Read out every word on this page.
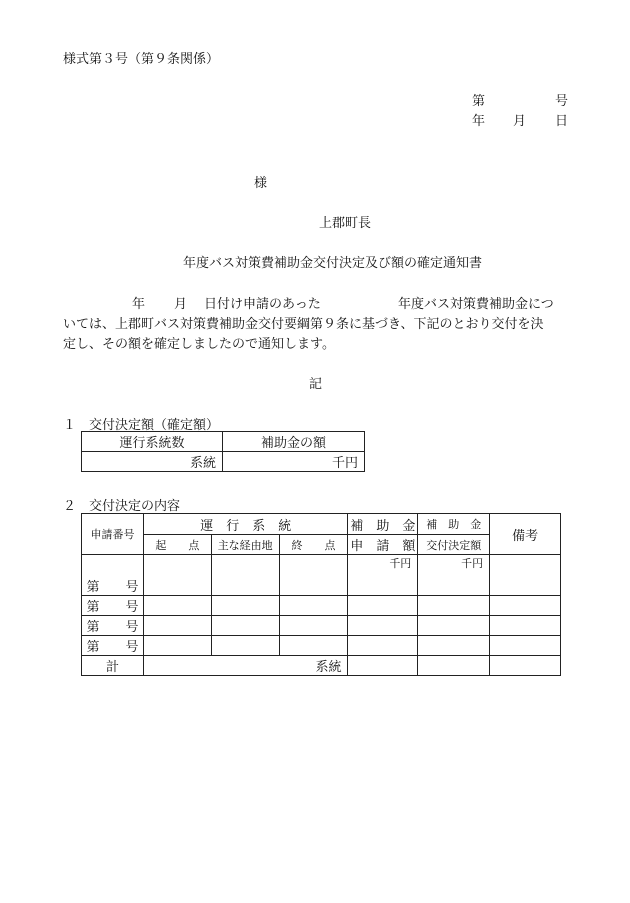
様式第３号（第９条関係）
第	号
年 月 日
様
上郡町長
年度バス対策費補助金交付決定及び額の確定通知書
年 月 日付け申請のあった	年度バス対策費補助金につ
いては、上郡町バス対策費補助金交付要綱第９条に基づき、下記のとおり交付を決
定し、その額を確定しましたので通知します。
記
１　交付決定額（確定額）
運行系統数	補助金の額
系統	千円
２　交付決定の内容
申請番号	運　行　系　統			補　助　金	補　助　金	備考
	起　　点	主な経由地	終　　点	申　請　額	交付決定額	
第　　号				千円	千円	
第　　号						
第　　号						
第　　号						
計	系統					
